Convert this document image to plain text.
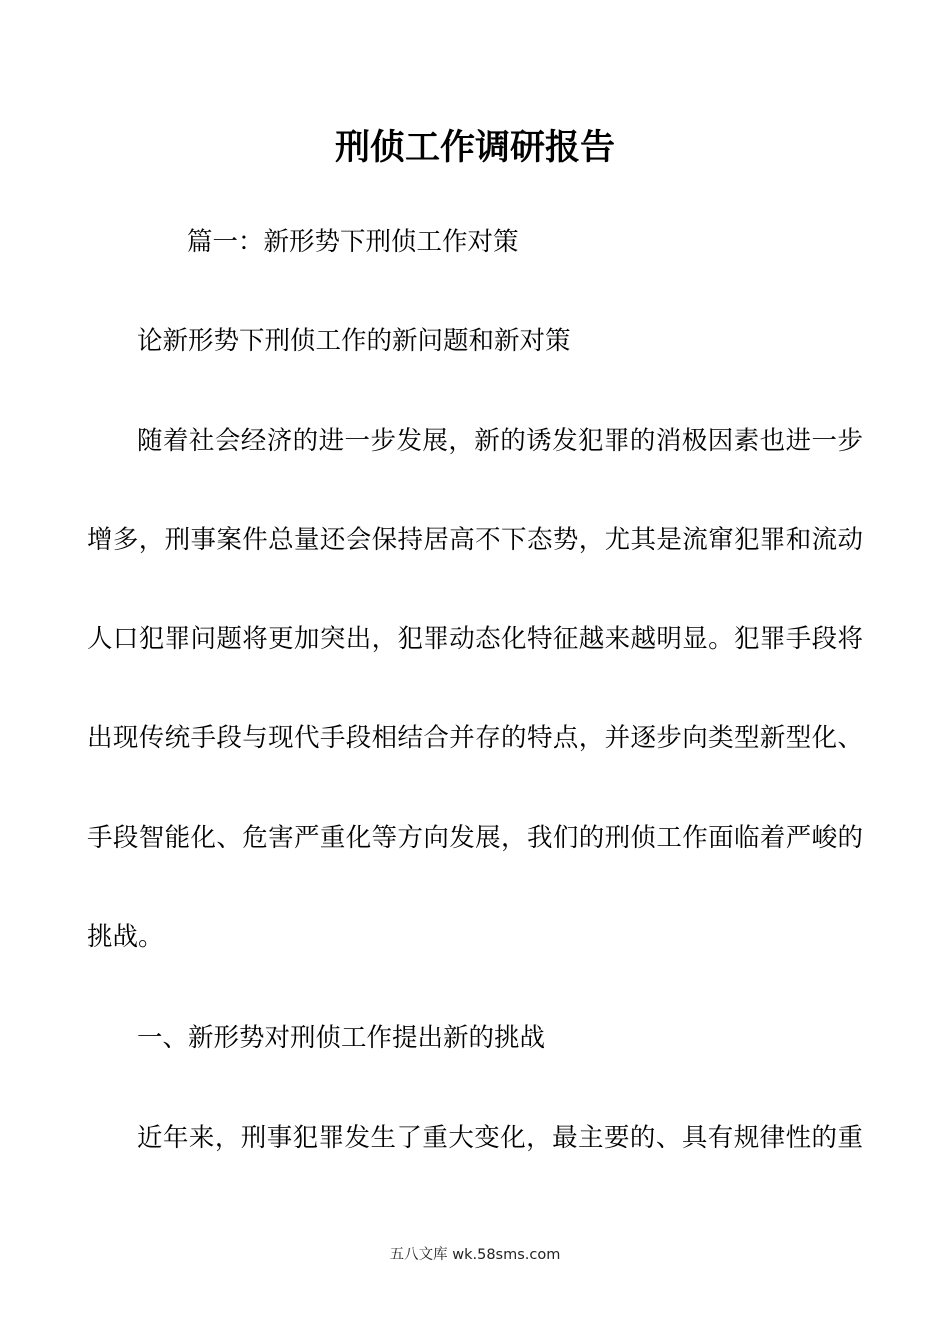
刑侦工作调研报告

篇一：新形势下刑侦工作对策

论新形势下刑侦工作的新问题和新对策

随着社会经济的进一步发展，新的诱发犯罪的消极因素也进一步

增多，刑事案件总量还会保持居高不下态势，尤其是流窜犯罪和流动

人口犯罪问题将更加突出，犯罪动态化特征越来越明显。犯罪手段将

出现传统手段与现代手段相结合并存的特点，并逐步向类型新型化、

手段智能化、危害严重化等方向发展，我们的刑侦工作面临着严峻的

挑战。

一、新形势对刑侦工作提出新的挑战

近年来，刑事犯罪发生了重大变化，最主要的、具有规律性的重

五八文库 wk.58sms.com
